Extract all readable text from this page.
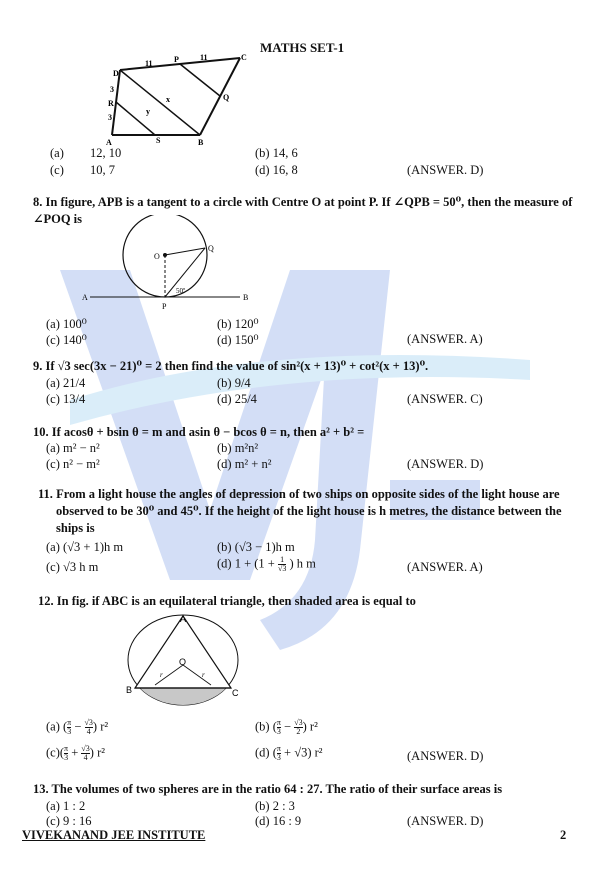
MATHS SET-1
D
C
A	B
P
Q
R
S
x
y
11
11
3
3
(a) 12, 10	(b) 14, 6
(c) 10, 7	(d) 16, 8	(ANSWER. D)
8. In figure, APB is a tangent to a circle with Centre O at point P. If ∠QPB = 50⁰, then the measure of ∠POQ is
O
Q
A
P
B
50º
(a) 100⁰	(b) 120⁰
(c) 140⁰	(d) 150⁰	(ANSWER. A)
9. If √3 sec(3x − 21)⁰ = 2 then find the value of sin²(x + 13)⁰ + cot²(x + 13)⁰.
(a) 21/4	(b) 9/4
(c) 13/4	(d) 25/4	(ANSWER. C)
10. If acosθ + bsin θ = m and asin θ − bcos θ = n, then a² + b² =
(a) m² − n²	(b) m²n²
(c) n² − m²	(d) m² + n²	(ANSWER. D)
11. From a light house the angles of depression of two ships on opposite sides of the light house are
observed to be 30⁰ and 45⁰. If the height of the light house is h metres, the distance between the
ships is
(a) (√3 + 1)h m	(b) (√3 − 1)h m
(c) √3 h m	(d) $1 + (1 + \frac{1}{√3}$ ) h m	(ANSWER. A)
12. In fig. if ABC is an equilateral triangle, then shaded area is equal to
A
B	C
O
r	r
(a) ( $\frac{\pi}{3} - \frac{√3}{4}$ ) r²	(b) ( $\frac{\pi}{3} - \frac{√3}{2}$ ) r²
$(c)( \frac{\pi}{3} + \frac{√3}{4}$ ) r²	(d) ( $\frac{\pi}{3} + √3$) r²	(ANSWER. D)
13. The volumes of two spheres are in the ratio 64 : 27. The ratio of their surface areas is
(a) 1 : 2	(b) 2 : 3
(c) 9 : 16	(d) 16 : 9	(ANSWER. D)
VIVEKANAND JEE INSTITUTE	2
